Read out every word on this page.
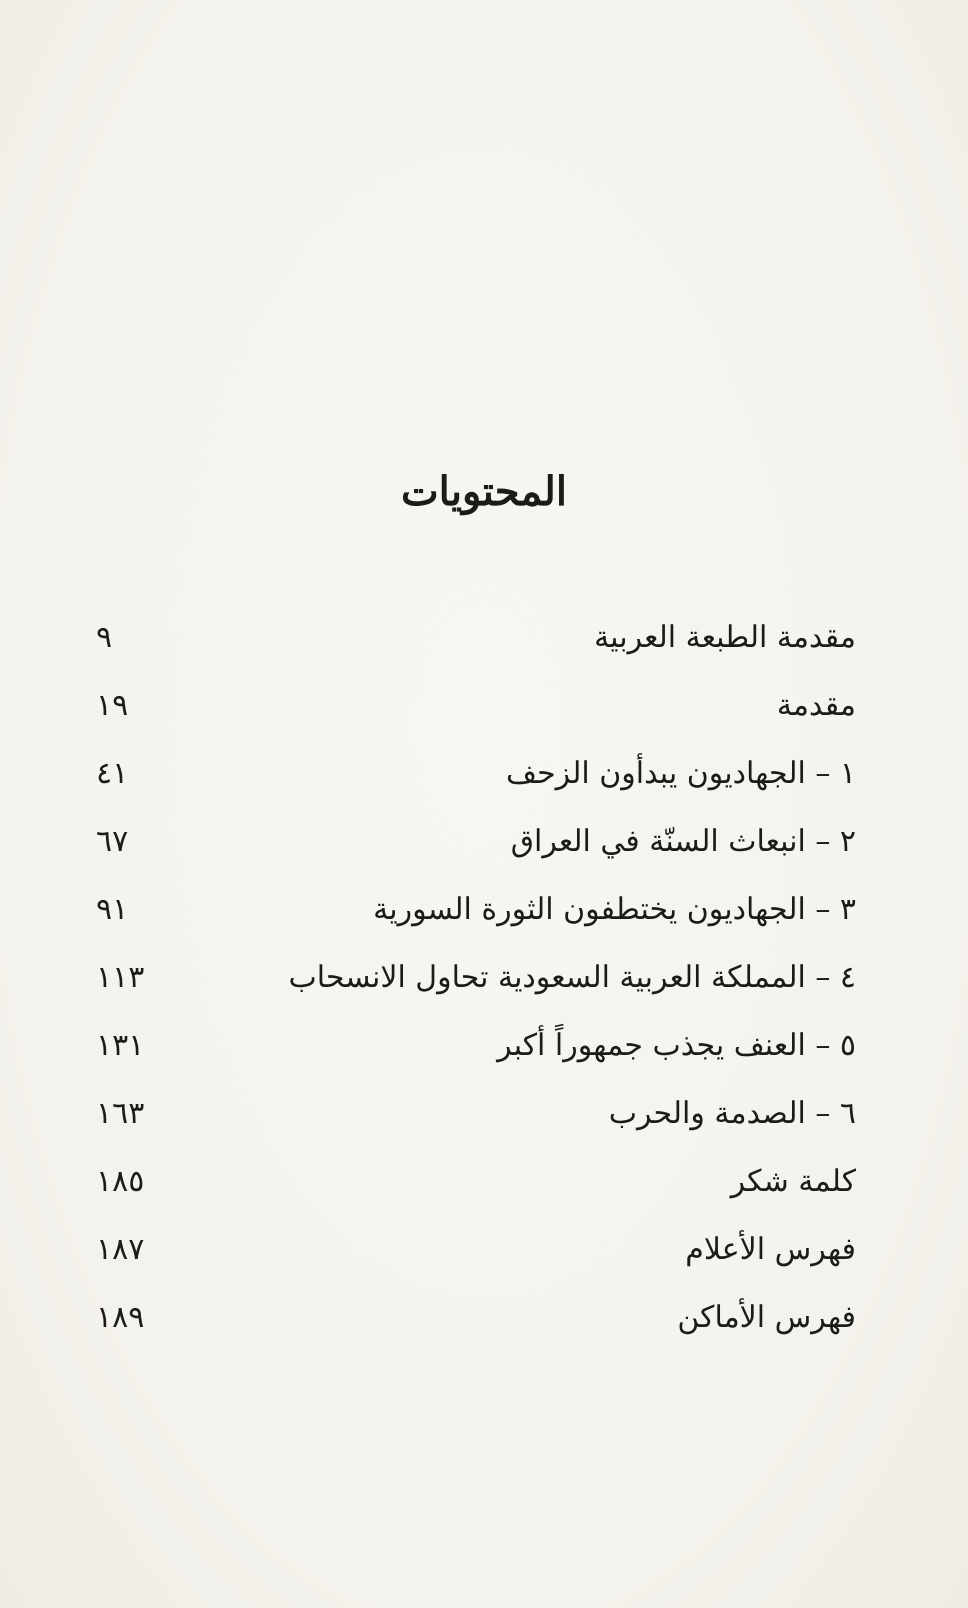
المحتويات
مقدمة الطبعة العربية
٩
مقدمة
١٩
١ – الجهاديون يبدأون الزحف
٤١
٢ – انبعاث السنّة في العراق
٦٧
٣ – الجهاديون يختطفون الثورة السورية
٩١
٤ – المملكة العربية السعودية تحاول الانسحاب
١١٣
٥ – العنف يجذب جمهوراً أكبر
١٣١
٦ – الصدمة والحرب
١٦٣
كلمة شكر
١٨٥
فهرس الأعلام
١٨٧
فهرس الأماكن
١٨٩
